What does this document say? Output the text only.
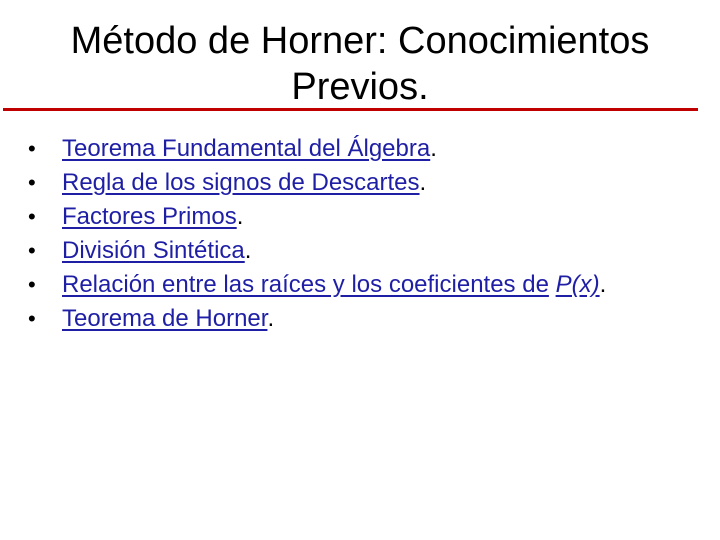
Método de Horner: Conocimientos Previos.
•	Teorema Fundamental del Álgebra.
•	Regla de los signos de Descartes.
•	Factores Primos.
•	División Sintética.
•	Relación entre las raíces y los coeficientes de P(x).
•	Teorema de Horner.
